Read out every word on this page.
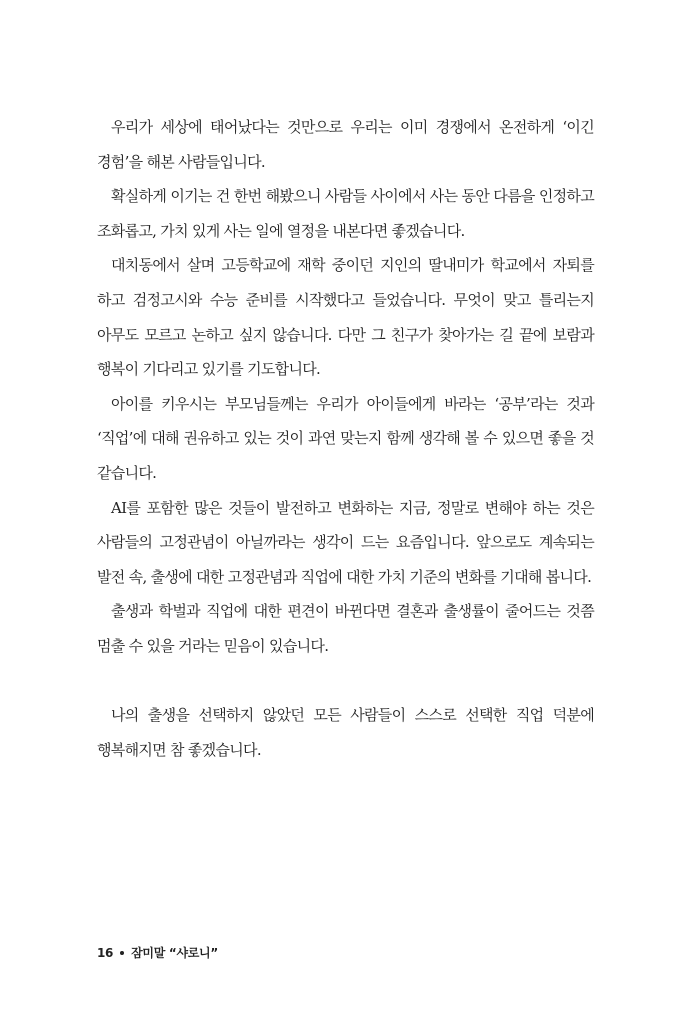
우리가 세상에 태어났다는 것만으로 우리는 이미 경쟁에서 온전하게 ‘이긴 경험’을 해본 사람들입니다.

확실하게 이기는 건 한번 해봤으니 사람들 사이에서 사는 동안 다름을 인정하고 조화롭고, 가치 있게 사는 일에 열정을 내본다면 좋겠습니다.

대치동에서 살며 고등학교에 재학 중이던 지인의 딸내미가 학교에서 자퇴를 하고 검정고시와 수능 준비를 시작했다고 들었습니다. 무엇이 맞고 틀리는지 아무도 모르고 논하고 싶지 않습니다. 다만 그 친구가 찾아가는 길 끝에 보람과 행복이 기다리고 있기를 기도합니다.

아이를 키우시는 부모님들께는 우리가 아이들에게 바라는 ‘공부’라는 것과 ‘직업’에 대해 권유하고 있는 것이 과연 맞는지 함께 생각해 볼 수 있으면 좋을 것 같습니다.

AI를 포함한 많은 것들이 발전하고 변화하는 지금, 정말로 변해야 하는 것은 사람들의 고정관념이 아닐까라는 생각이 드는 요즘입니다. 앞으로도 계속되는 발전 속, 출생에 대한 고정관념과 직업에 대한 가치 기준의 변화를 기대해 봅니다.

출생과 학벌과 직업에 대한 편견이 바뀐다면 결혼과 출생률이 줄어드는 것쯤 멈출 수 있을 거라는 믿음이 있습니다.

나의 출생을 선택하지 않았던 모든 사람들이 스스로 선택한 직업 덕분에 행복해지면 참 좋겠습니다.

16 잠미말 “샤로니”
